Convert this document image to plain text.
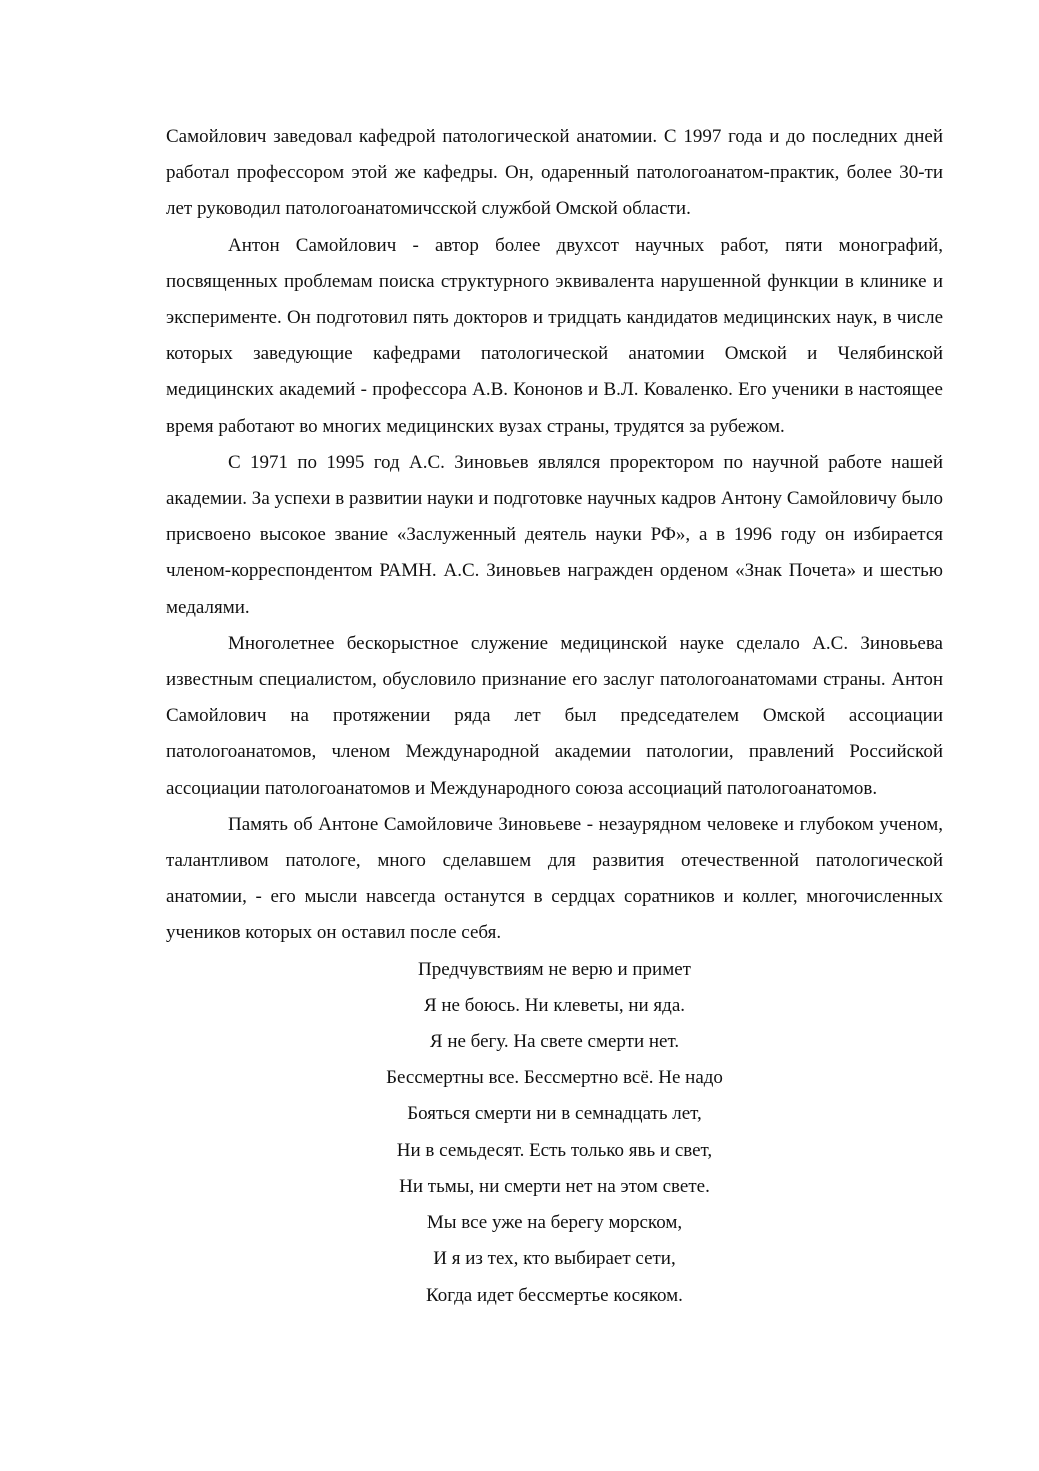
Самойлович заведовал кафедрой патологической анатомии. С 1997 года и до последних дней работал профессором этой же кафедры. Он, одаренный патологоанатом-практик, более 30-ти лет руководил патологоанатомичсской службой Омской области.

Антон Самойлович - автор более двухсот научных работ, пяти монографий, посвященных проблемам поиска структурного эквивалента нарушенной функции в клинике и эксперименте. Он подготовил пять докторов и тридцать кандидатов медицинских наук, в числе которых заведующие кафедрами патологической анатомии Омской и Челябинской медицинских академий - профессора А.В. Кононов и В.Л. Коваленко. Его ученики в настоящее время работают во многих медицинских вузах страны, трудятся за рубежом.

С 1971 по 1995 год А.С. Зиновьев являлся проректором по научной работе нашей академии. За успехи в развитии науки и подготовке научных кадров Антону Самойловичу было присвоено высокое звание «Заслуженный деятель науки РФ», а в 1996 году он избирается членом-корреспондентом РАМН. А.С. Зиновьев награжден орденом «Знак Почета» и шестью медалями.

Многолетнее бескорыстное служение медицинской науке сделало А.С. Зиновьева известным специалистом, обусловило признание его заслуг патологоанатомами страны. Антон Самойлович на протяжении ряда лет был председателем Омской ассоциации патологоанатомов, членом Международной академии патологии, правлений Российской ассоциации патологоанатомов и Международного союза ассоциаций патологоанатомов.

Память об Антоне Самойловиче Зиновьеве - незаурядном человеке и глубоком ученом, талантливом патологе, много сделавшем для развития отечественной патологической анатомии, - его мысли навсегда останутся в сердцах соратников и коллег, многочисленных учеников которых он оставил после себя.

Предчувствиям не верю и примет
Я не боюсь. Ни клеветы, ни яда.
Я не бегу. На свете смерти нет.
Бессмертны все. Бессмертно всё. Не надо
Бояться смерти ни в семнадцать лет,
Ни в семьдесят. Есть только явь и свет,
Ни тьмы, ни смерти нет на этом свете.
Мы все уже на берегу морском,
И я из тех, кто выбирает сети,
Когда идет бессмертье косяком.
